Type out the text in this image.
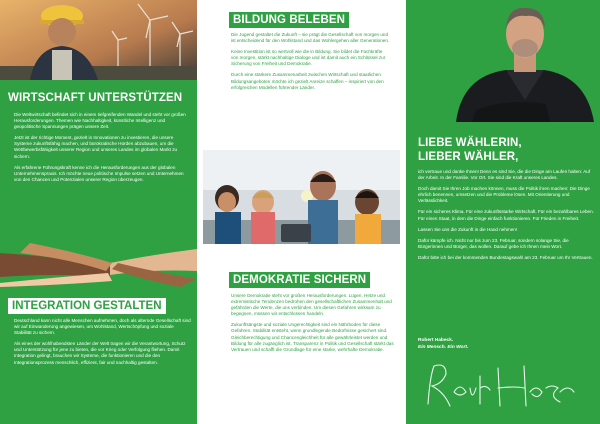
WIRTSCHAFT UNTERSTÜTZEN

Die Weltwirtschaft befindet sich in einem tiefgreifenden Wandel und steht vor großen Herausforderungen. Themen wie Nachhaltigkeit, künstliche Intelligenz und geopolitische Spannungen prägen unsere Zeit.

Jetzt ist der richtige Moment, gezielt in Innovationen zu investieren, die unsere Systeme zukunftsfähig machen, und bürokratische Hürden abzubauen, um die Wettbewerbsfähigkeit unserer Region und unseres Landes im globalen Markt zu sichern.

Als erfahrene Führungskraft kenne ich die Herausforderungen aus der globalen Unternehmenspraxis. Ich möchte neue politische Impulse setzen und Unternehmen von den Chancen und Potenzialen unserer Region überzeugen.

INTEGRATION GESTALTEN

Deutschland kann nicht alle Menschen aufnehmen, doch als alternde Gesellschaft sind wir auf Einwanderung angewiesen, um Wohlstand, Wertschöpfung und soziale Stabilität zu sichern.

Als eines der wohlhabendsten Länder der Welt tragen wir die Verantwortung, Schutz und Unterstützung für jene zu bieten, die vor Krieg oder Verfolgung fliehen. Damit Integration gelingt, brauchen wir Systeme, die funktionieren und die den Integrationsprozess menschlich, effizient, fair und nachhaltig gestalten.

BILDUNG BELEBEN

Die Jugend gestaltet die Zukunft – sie prägt die Gesellschaft von morgen und ist entscheidend für den Wohlstand und das Wohlergehen aller Generationen.

Keine Investition ist so wertvoll wie die in Bildung. Sie bildet die Fachkräfte von morgen, stärkt nachhaltige Dialoge und ist damit auch ein Schlüssel zur Sicherung von Freiheit und Demokratie.

Durch eine stärkere Zusammenarbeit zwischen Wirtschaft und staatlichen Bildungsangeboten möchte ich gezielt Anreize schaffen – inspiriert von den erfolgreichen Modellen führender Länder.

DEMOKRATIE SICHERN

Unsere Demokratie steht vor großen Herausforderungen. Lügen, Hetze und extremistische Tendenzen bedrohen den gesellschaftlichen Zusammenhalt und gefährden die Werte, die uns verbinden. Um diesen Gefahren wirksam zu begegnen, müssen wir entschlossen handeln.

Zukunftsängste und soziale Ungerechtigkeit sind ein Nährboden für diese Gefahren. Stabilität entsteht, wenn grundlegende Bedürfnisse gesichert sind. Gleichberechtigung und Chancengleichheit für alle gewährleistet werden und Bildung für alle zugänglich ist. Transparenz in Politik und Gesellschaft stärkt das Vertrauen und schafft die Grundlage für eine starke, wehrhafte Demokratie.

LIEBE WÄHLERIN,
LIEBER WÄHLER,

ich vertraue und danke Ihnen! Denn es sind Sie, die die Dinge am Laufen halten: Auf der Arbeit. In der Familie. Vor Ort. Sie sind die Kraft unseres Landes.

Doch damit Sie Ihren Job machen können, muss die Politik ihren machen: Die Dinge ehrlich benennen, umsetzen und die Probleme lösen. Mit Orientierung und Verlässlichkeit.

Für ein sicheres Klima. Für eine zukunftsstarke Wirtschaft. Für ein bezahlbares Leben. Für einen Staat, in dem die Dinge einfach funktionieren. Für Frieden in Freiheit.

Lassen Sie uns die Zukunft in die Hand nehmen!

Dafür kämpfe ich. Nicht nur bis zum 23. Februar, sondern solange Sie, die Bürgerinnen und Bürger, das wollen. Darauf gebe ich Ihnen mein Wort.

Dafür bitte ich bei der kommenden Bundestagswahl am 23. Februar um Ihr Vertrauen.

Robert Habeck.
Ein Mensch. Ein Wort.
